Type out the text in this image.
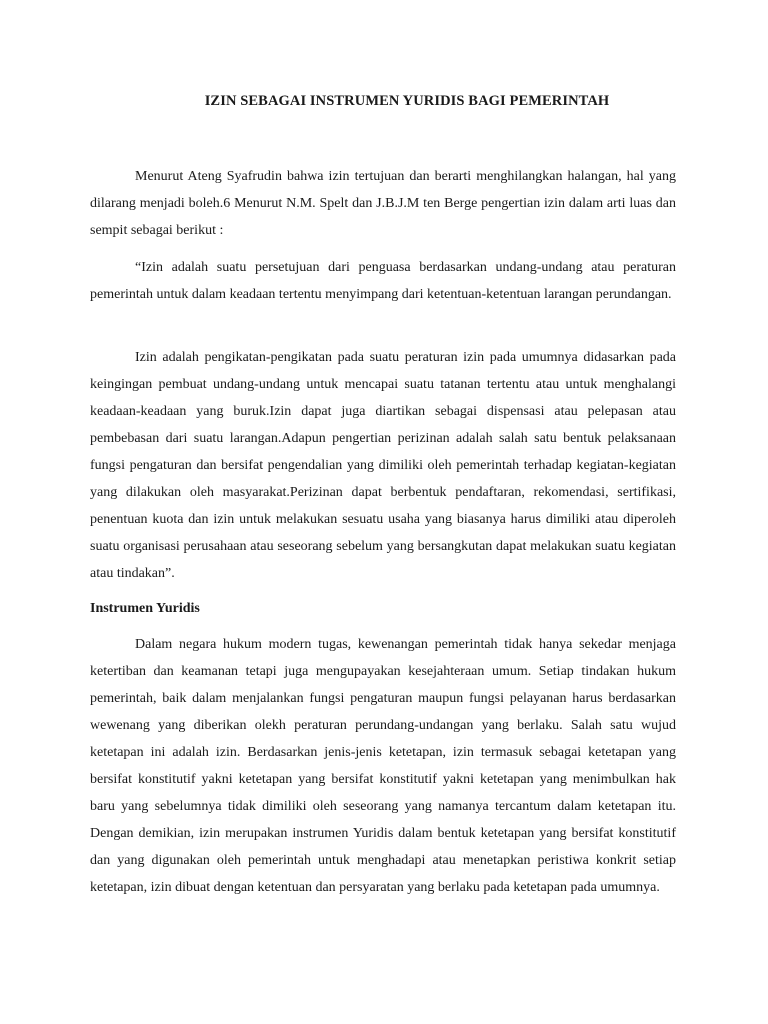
IZIN SEBAGAI INSTRUMEN YURIDIS BAGI PEMERINTAH

Menurut Ateng Syafrudin bahwa izin tertujuan dan berarti menghilangkan halangan, hal yang dilarang menjadi boleh.6 Menurut N.M. Spelt dan J.B.J.M ten Berge pengertian izin dalam arti luas dan sempit sebagai berikut :

“Izin adalah suatu persetujuan dari penguasa berdasarkan undang-undang atau peraturan pemerintah untuk dalam keadaan tertentu menyimpang dari ketentuan-ketentuan larangan perundangan.

Izin adalah pengikatan-pengikatan pada suatu peraturan izin pada umumnya didasarkan pada keingingan pembuat undang-undang untuk mencapai suatu tatanan tertentu atau untuk menghalangi keadaan-keadaan yang buruk.Izin dapat juga diartikan sebagai dispensasi atau pelepasan atau pembebasan dari suatu larangan.Adapun pengertian perizinan adalah salah satu bentuk pelaksanaan fungsi pengaturan dan bersifat pengendalian yang dimiliki oleh pemerintah terhadap kegiatan-kegiatan yang dilakukan oleh masyarakat.Perizinan dapat berbentuk pendaftaran, rekomendasi, sertifikasi, penentuan kuota dan izin untuk melakukan sesuatu usaha yang biasanya harus dimiliki atau diperoleh suatu organisasi perusahaan atau seseorang sebelum yang bersangkutan dapat melakukan suatu kegiatan atau tindakan”.

Instrumen Yuridis

Dalam negara hukum modern tugas, kewenangan pemerintah tidak hanya sekedar menjaga ketertiban dan keamanan tetapi juga mengupayakan kesejahteraan umum. Setiap tindakan hukum pemerintah, baik dalam menjalankan fungsi pengaturan maupun fungsi pelayanan harus berdasarkan wewenang yang diberikan olekh peraturan perundang-undangan yang berlaku. Salah satu wujud ketetapan ini adalah izin. Berdasarkan jenis-jenis ketetapan, izin termasuk sebagai ketetapan yang bersifat konstitutif yakni ketetapan yang bersifat konstitutif yakni ketetapan yang menimbulkan hak baru yang sebelumnya tidak dimiliki oleh seseorang yang namanya tercantum dalam ketetapan itu. Dengan demikian, izin merupakan instrumen Yuridis dalam bentuk ketetapan yang bersifat konstitutif dan yang digunakan oleh pemerintah untuk menghadapi atau menetapkan peristiwa konkrit setiap ketetapan, izin dibuat dengan ketentuan dan persyaratan yang berlaku pada ketetapan pada umumnya.
